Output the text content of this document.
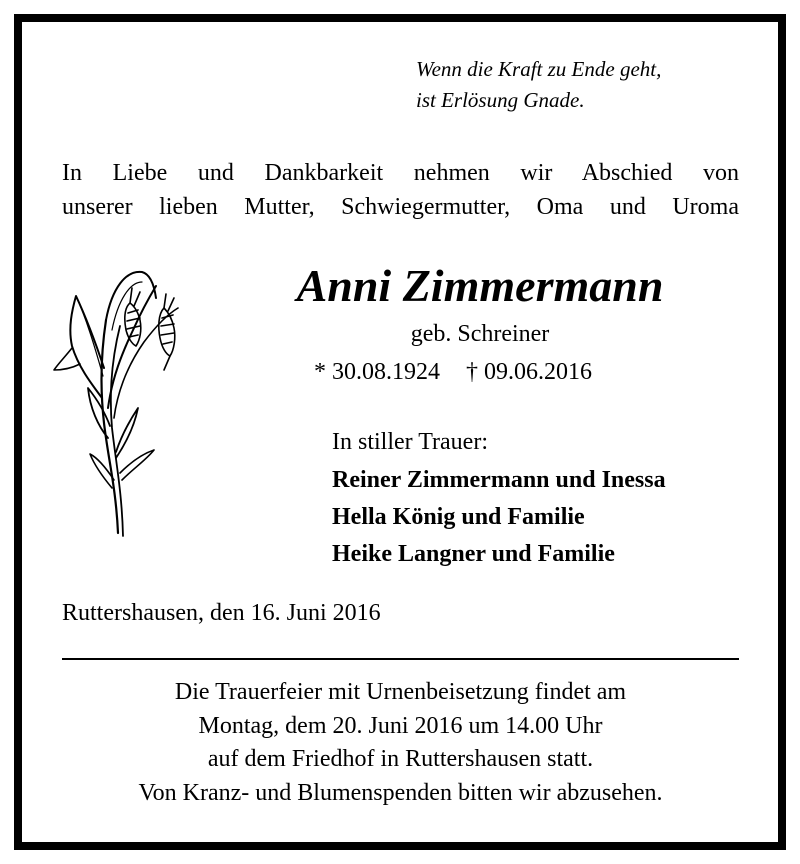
Wenn die Kraft zu Ende geht,
ist Erlösung Gnade.
In Liebe und Dankbarkeit nehmen wir Abschied von
unserer lieben Mutter, Schwiegermutter, Oma und Uroma
Anni Zimmermann
geb. Schreiner
* 30.08.1924 † 09.06.2016
In stiller Trauer:
Reiner Zimmermann und Inessa
Hella König und Familie
Heike Langner und Familie
Ruttershausen, den 16. Juni 2016
Die Trauerfeier mit Urnenbeisetzung findet am
Montag, dem 20. Juni 2016 um 14.00 Uhr
auf dem Friedhof in Ruttershausen statt.
Von Kranz- und Blumenspenden bitten wir abzusehen.
